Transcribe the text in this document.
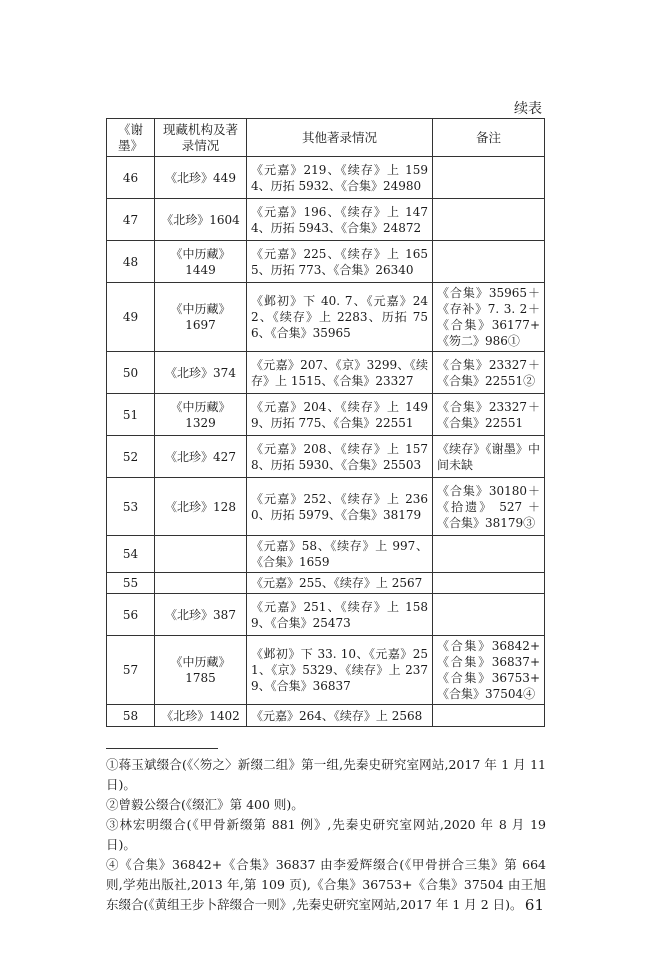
续表
《谢墨》	现藏机构及著录情况	其他著录情况	备注
46	《北珍》449	《元嘉》219、《续存》上 1594、历拓 5932、《合集》24980	
47	《北珍》1604	《元嘉》196、《续存》上 1474、历拓 5943、《合集》24872	
48	《中历藏》1449	《元嘉》225、《续存》上 1655、历拓 773、《合集》26340	
49	《中历藏》1697	《邺初》下 40. 7、《元嘉》242、《续存》上 2283、历拓 756、《合集》35965	《合集》35965＋《存补》7. 3. 2＋《合集》36177+《笏二》986①
50	《北珍》374	《元嘉》207、《京》3299、《续存》上 1515、《合集》23327	《合集》23327＋《合集》22551②
51	《中历藏》1329	《元嘉》204、《续存》上 1499、历拓 775、《合集》22551	《合集》23327＋《合集》22551
52	《北珍》427	《元嘉》208、《续存》上 1578、历拓 5930、《合集》25503	《续存》《谢墨》中间未缺
53	《北珍》128	《元嘉》252、《续存》上 2360、历拓 5979、《合集》38179	《合集》30180＋《拾遗》 527 ＋《合集》38179③
54		《元嘉》58、《续存》上 997、《合集》1659	
55		《元嘉》255、《续存》上 2567	
56	《北珍》387	《元嘉》251、《续存》上 1589、《合集》25473	
57	《中历藏》1785	《邺初》下 33. 10、《元嘉》251、《京》5329、《续存》上 2379、《合集》36837	《合集》36842+《合集》36837+《合集》36753+《合集》37504④
58	《北珍》1402	《元嘉》264、《续存》上 2568	

①蒋玉斌缀合(《〈笏之〉新缀二组》第一组,先秦史研究室网站,2017 年 1 月 11 日)。

②曾毅公缀合(《缀汇》第 400 则)。

③林宏明缀合(《甲骨新缀第 881 例》,先秦史研究室网站,2020 年 8 月 19 日)。

④《合集》36842+《合集》36837 由李爱辉缀合(《甲骨拼合三集》第 664 则,学苑出版社,2013 年,第 109 页),《合集》36753+《合集》37504 由王旭东缀合(《黄组王步卜辞缀合一则》,先秦史研究室网站,2017 年 1 月 2 日)。 61
